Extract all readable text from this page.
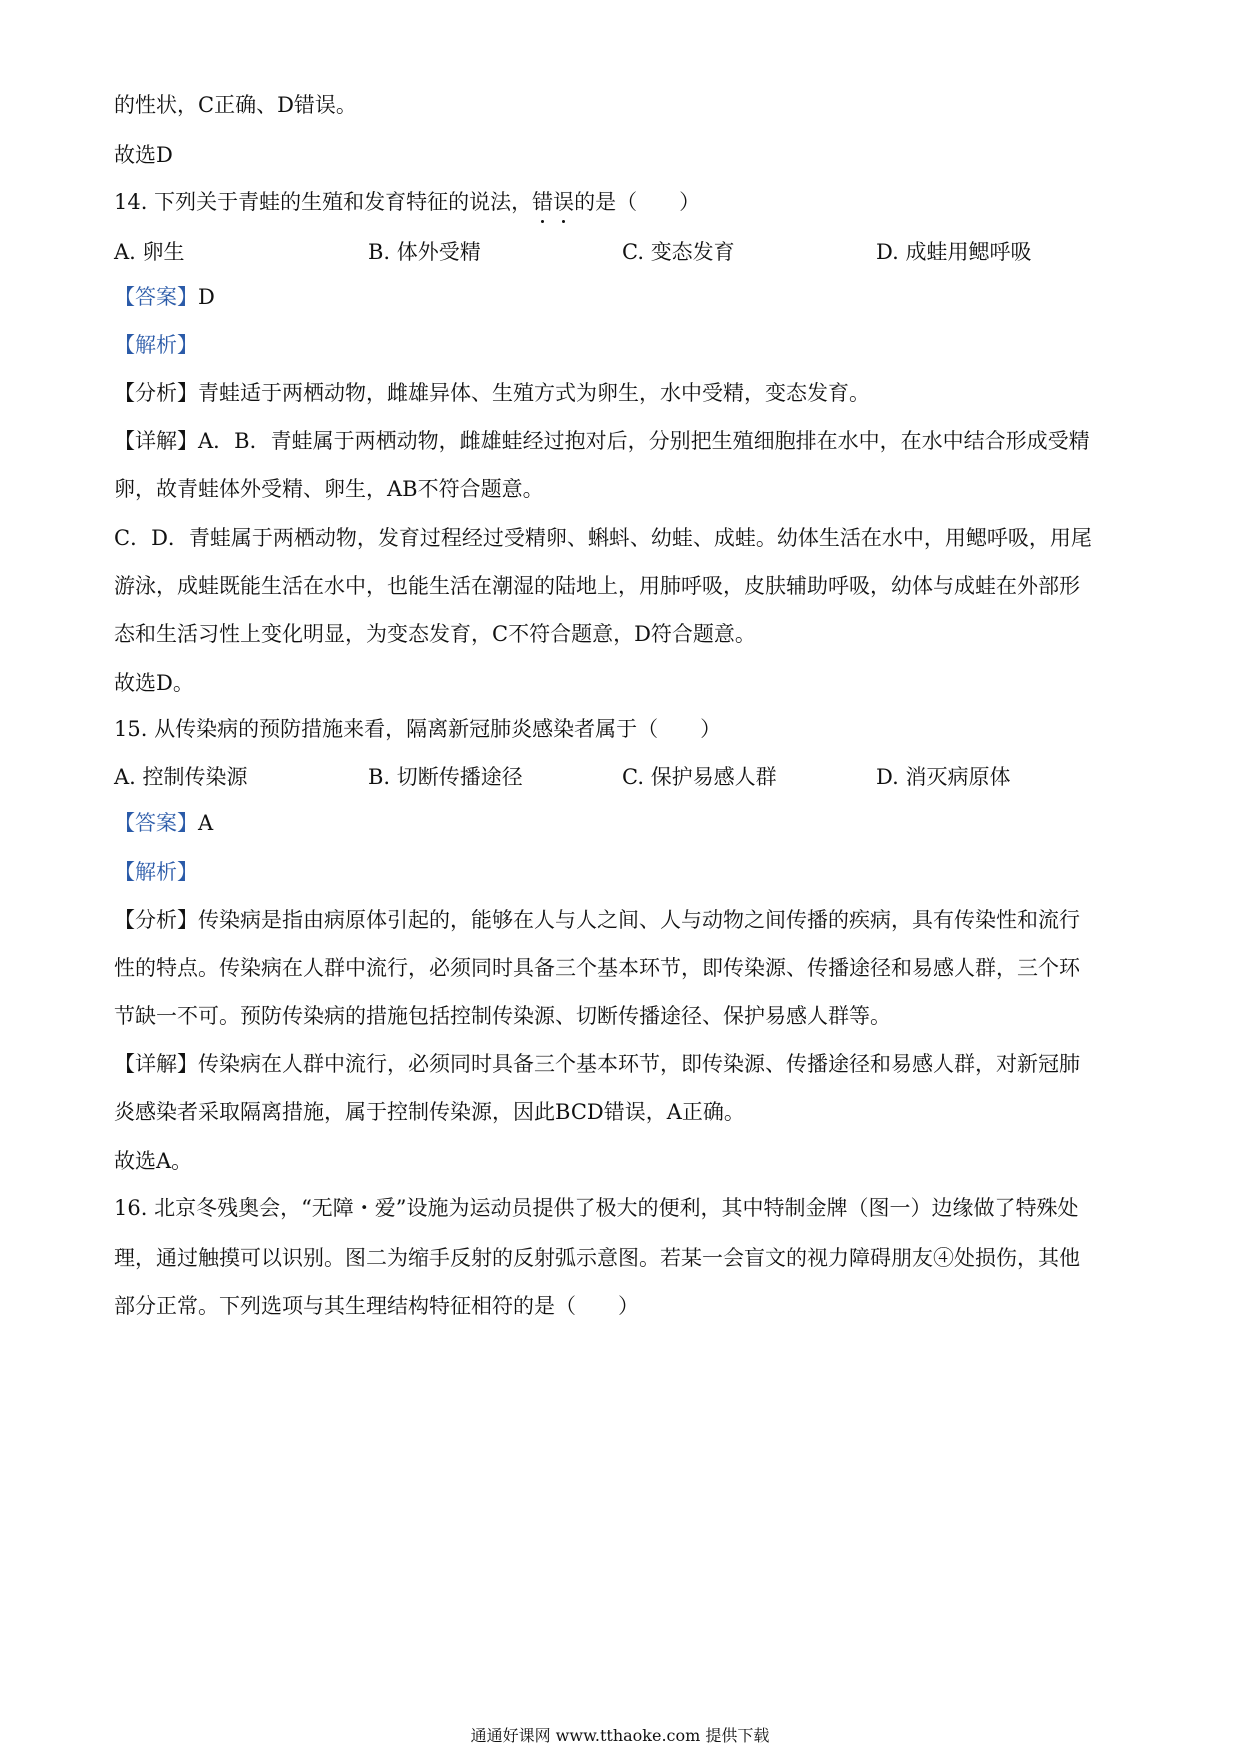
的性状，C正确、D错误。
故选D
14. 下列关于青蛙的生殖和发育特征的说法，错误的是（　　）
A. 卵生	B. 体外受精	C. 变态发育	D. 成蛙用鳃呼吸
【答案】D
【解析】
【分析】青蛙适于两栖动物，雌雄异体、生殖方式为卵生，水中受精，变态发育。
【详解】A．B．青蛙属于两栖动物，雌雄蛙经过抱对后，分别把生殖细胞排在水中，在水中结合形成受精
卵，故青蛙体外受精、卵生，AB不符合题意。
C．D．青蛙属于两栖动物，发育过程经过受精卵、蝌蚪、幼蛙、成蛙。幼体生活在水中，用鳃呼吸，用尾
游泳，成蛙既能生活在水中，也能生活在潮湿的陆地上，用肺呼吸，皮肤辅助呼吸，幼体与成蛙在外部形
态和生活习性上变化明显，为变态发育，C不符合题意，D符合题意。
故选D。
15. 从传染病的预防措施来看，隔离新冠肺炎感染者属于（　　）
A. 控制传染源	B. 切断传播途径	C. 保护易感人群	D. 消灭病原体
【答案】A
【解析】
【分析】传染病是指由病原体引起的，能够在人与人之间、人与动物之间传播的疾病，具有传染性和流行
性的特点。传染病在人群中流行，必须同时具备三个基本环节，即传染源、传播途径和易感人群，三个环
节缺一不可。预防传染病的措施包括控制传染源、切断传播途径、保护易感人群等。
【详解】传染病在人群中流行，必须同时具备三个基本环节，即传染源、传播途径和易感人群，对新冠肺
炎感染者采取隔离措施，属于控制传染源，因此BCD错误，A正确。
故选A。
16. 北京冬残奥会，“无障・爱”设施为运动员提供了极大的便利，其中特制金牌（图一）边缘做了特殊处
理，通过触摸可以识别。图二为缩手反射的反射弧示意图。若某一会盲文的视力障碍朋友④处损伤，其他
部分正常。下列选项与其生理结构特征相符的是（　　）
通通好课网 www.tthaoke.com 提供下载
